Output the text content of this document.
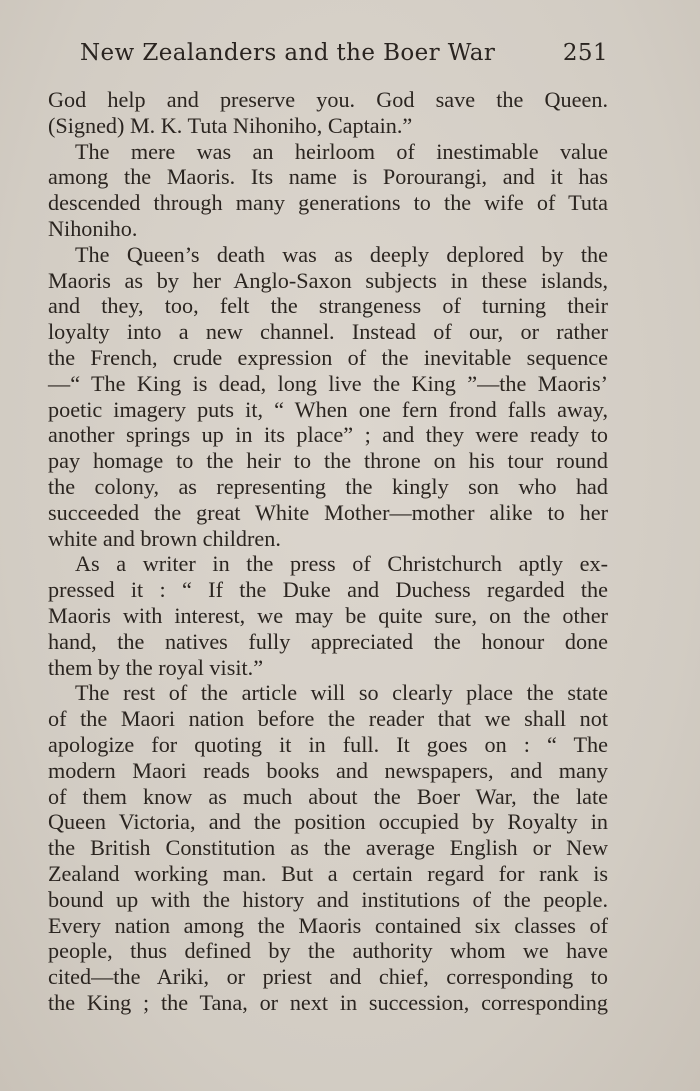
New Zealanders and the Boer War	251
God help and preserve you. God save the Queen.
(Signed) M. K. Tuta Nihoniho, Captain.”
The mere was an heirloom of inestimable value
among the Maoris. Its name is Porourangi, and it has
descended through many generations to the wife of Tuta
Nihoniho.
The Queen’s death was as deeply deplored by the
Maoris as by her Anglo-Saxon subjects in these islands,
and they, too, felt the strangeness of turning their
loyalty into a new channel. Instead of our, or rather
the French, crude expression of the inevitable sequence
—“ The King is dead, long live the King ”—the Maoris’
poetic imagery puts it, “ When one fern frond falls away,
another springs up in its place” ; and they were ready to
pay homage to the heir to the throne on his tour round
the colony, as representing the kingly son who had
succeeded the great White Mother—mother alike to her
white and brown children.
As a writer in the press of Christchurch aptly ex-
pressed it : “ If the Duke and Duchess regarded the
Maoris with interest, we may be quite sure, on the other
hand, the natives fully appreciated the honour done
them by the royal visit.”
The rest of the article will so clearly place the state
of the Maori nation before the reader that we shall not
apologize for quoting it in full. It goes on : “ The
modern Maori reads books and newspapers, and many
of them know as much about the Boer War, the late
Queen Victoria, and the position occupied by Royalty in
the British Constitution as the average English or New
Zealand working man. But a certain regard for rank is
bound up with the history and institutions of the people.
Every nation among the Maoris contained six classes of
people, thus defined by the authority whom we have
cited—the Ariki, or priest and chief, corresponding to
the King ; the Tana, or next in succession, corresponding
